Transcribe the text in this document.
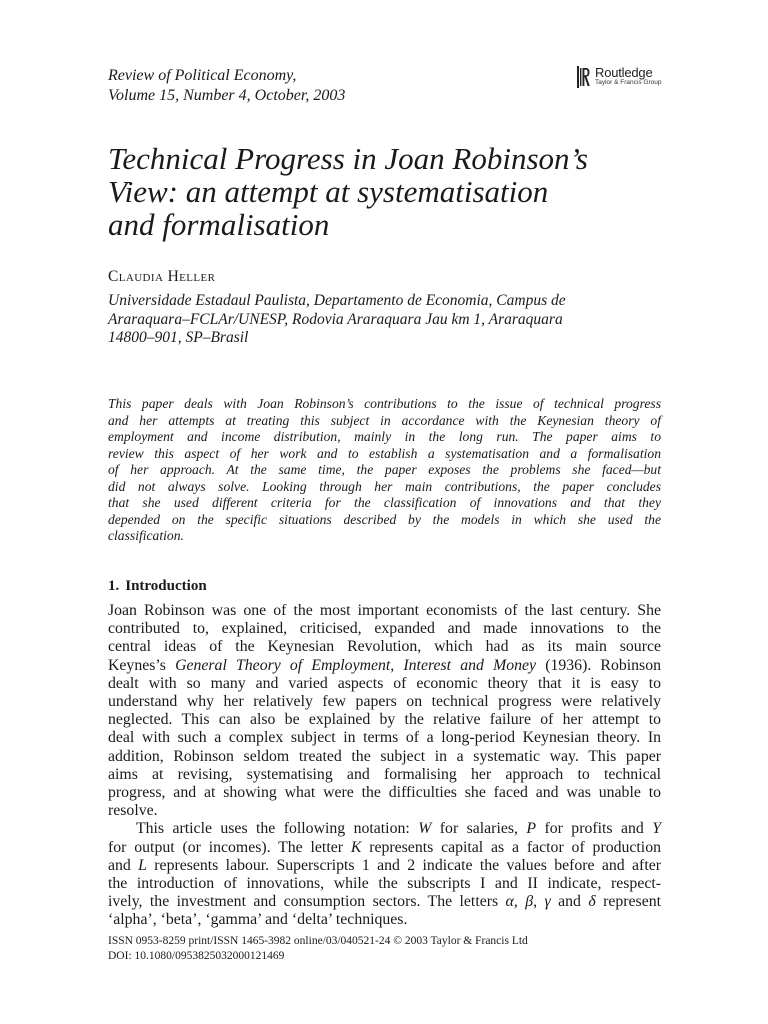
Review of Political Economy,
Volume 15, Number 4, October, 2003
Routledge
Taylor & Francis Group
Technical Progress in Joan Robinson’s
View: an attempt at systematisation
and formalisation
Claudia Heller
Universidade Estadaul Paulista, Departamento de Economia, Campus de
Araraquara–FCLAr/UNESP, Rodovia Araraquara Jau km 1, Araraquara
14800–901, SP–Brasil
This paper deals with Joan Robinson’s contributions to the issue of technical progress
and her attempts at treating this subject in accordance with the Keynesian theory of
employment and income distribution, mainly in the long run. The paper aims to
review this aspect of her work and to establish a systematisation and a formalisation
of her approach. At the same time, the paper exposes the problems she faced—but
did not always solve. Looking through her main contributions, the paper concludes
that she used different criteria for the classification of innovations and that they
depended on the specific situations described by the models in which she used the
classification.
1. Introduction
Joan Robinson was one of the most important economists of the last century. She
contributed to, explained, criticised, expanded and made innovations to the
central ideas of the Keynesian Revolution, which had as its main source
Keynes’s General Theory of Employment, Interest and Money (1936). Robinson
dealt with so many and varied aspects of economic theory that it is easy to
understand why her relatively few papers on technical progress were relatively
neglected. This can also be explained by the relative failure of her attempt to
deal with such a complex subject in terms of a long-period Keynesian theory. In
addition, Robinson seldom treated the subject in a systematic way. This paper
aims at revising, systematising and formalising her approach to technical
progress, and at showing what were the difficulties she faced and was unable to
resolve.
This article uses the following notation: W for salaries, P for profits and Y
for output (or incomes). The letter K represents capital as a factor of production
and L represents labour. Superscripts 1 and 2 indicate the values before and after
the introduction of innovations, while the subscripts I and II indicate, respect-
ively, the investment and consumption sectors. The letters α, β, γ and δ represent
‘alpha’, ‘beta’, ‘gamma’ and ‘delta’ techniques.
ISSN 0953-8259 print/ISSN 1465-3982 online/03/040521-24 © 2003 Taylor & Francis Ltd
DOI: 10.1080/0953825032000121469
